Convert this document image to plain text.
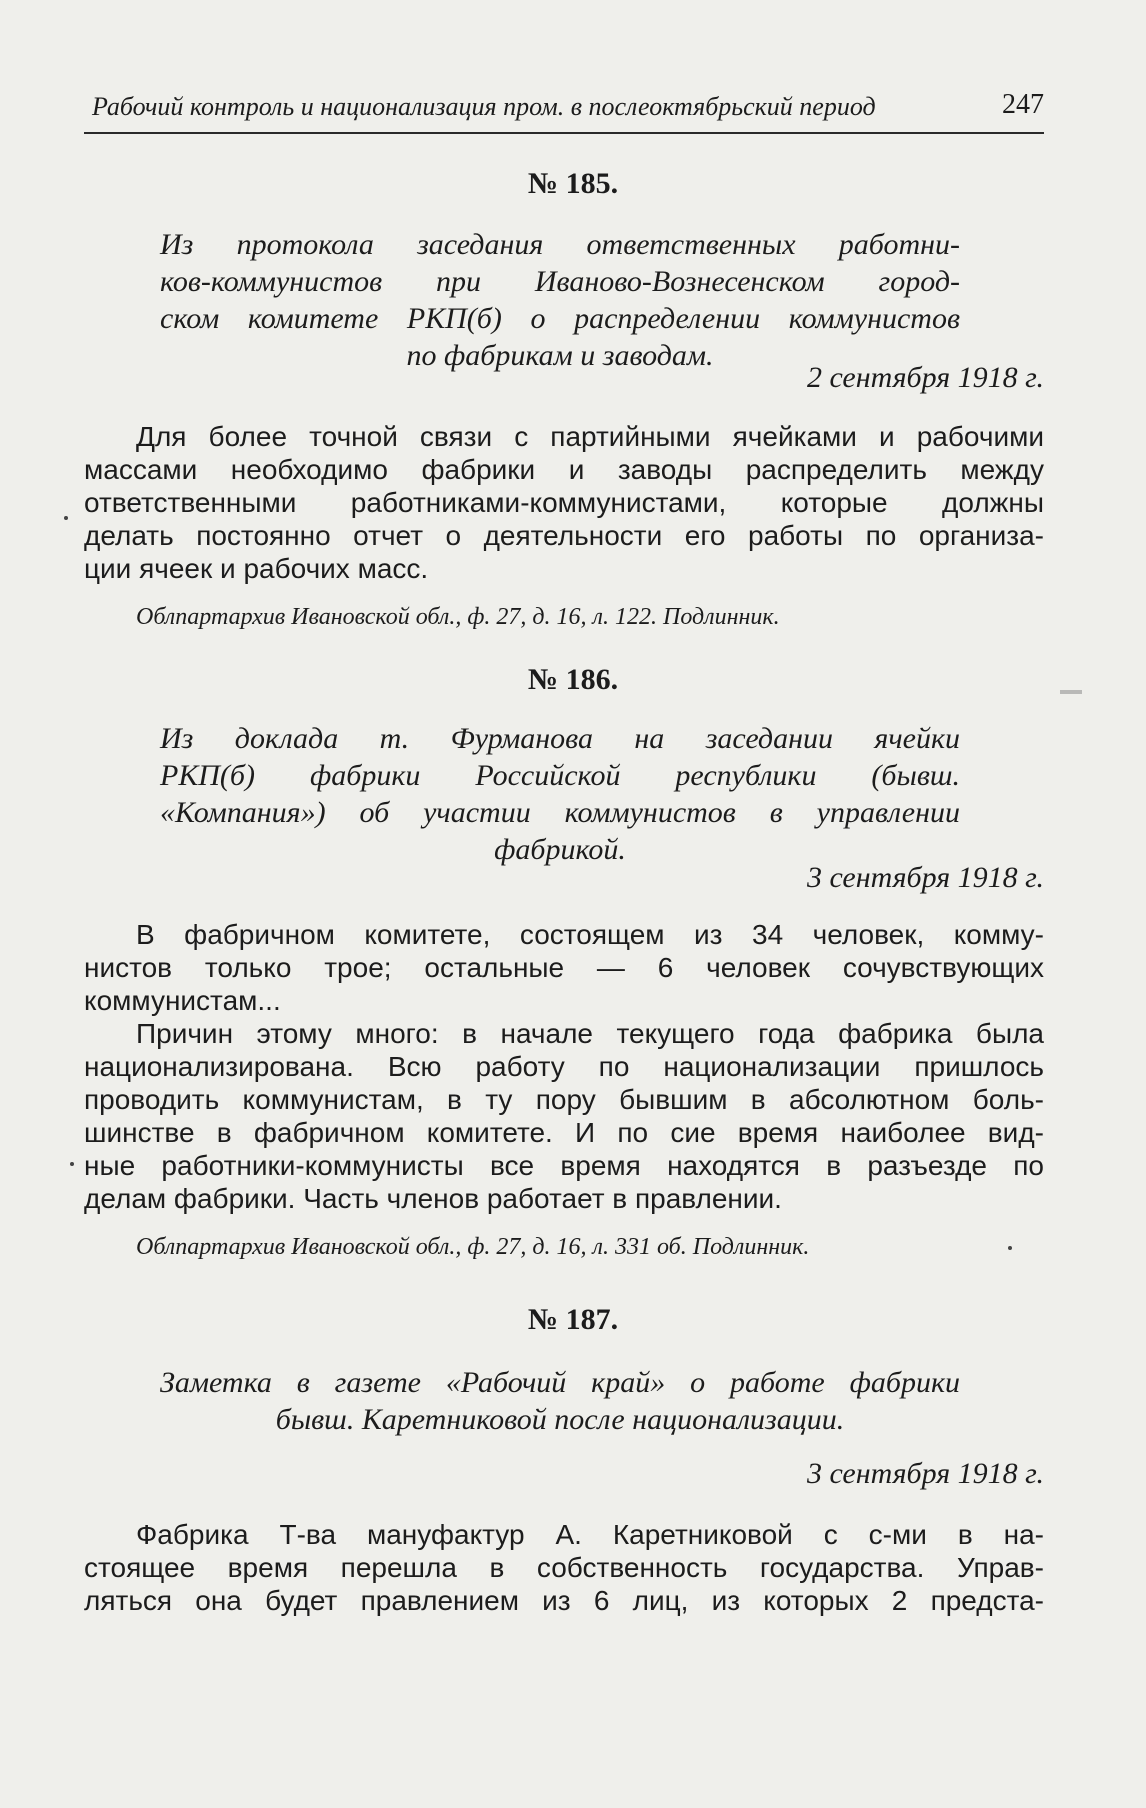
Рабочий контроль и национализация пром. в послеоктябрьский период	247
№ 185.
Из протокола заседания ответственных работни-
ков-коммунистов при Иваново-Вознесенском город-
ском комитете РКП(б) о распределении коммунистов
по фабрикам и заводам.
2 сентября 1918 г.
Для более точной связи с партийными ячейками и рабочими
массами необходимо фабрики и заводы распределить между
ответственными работниками-коммунистами, которые должны
делать постоянно отчет о деятельности его работы по организа-
ции ячеек и рабочих масс.
Облпартархив Ивановской обл., ф. 27, д. 16, л. 122. Подлинник.
№ 186.
Из доклада т. Фурманова на заседании ячейки
РКП(б) фабрики Российской республики (бывш.
«Компания») об участии коммунистов в управлении
фабрикой.
3 сентября 1918 г.
В фабричном комитете, состоящем из 34 человек, комму-
нистов только трое; остальные — 6 человек сочувствующих
коммунистам...
Причин этому много: в начале текущего года фабрика была
национализирована. Всю работу по национализации пришлось
проводить коммунистам, в ту пору бывшим в абсолютном боль-
шинстве в фабричном комитете. И по сие время наиболее вид-
ные работники-коммунисты все время находятся в разъезде по
делам фабрики. Часть членов работает в правлении.
Облпартархив Ивановской обл., ф. 27, д. 16, л. 331 об. Подлинник.
№ 187.
Заметка в газете «Рабочий край» о работе фабрики
бывш. Каретниковой после национализации.
3 сентября 1918 г.
Фабрика Т-ва мануфактур А. Каретниковой с с-ми в на-
стоящее время перешла в собственность государства. Управ-
ляться она будет правлением из 6 лиц, из которых 2 предста-
